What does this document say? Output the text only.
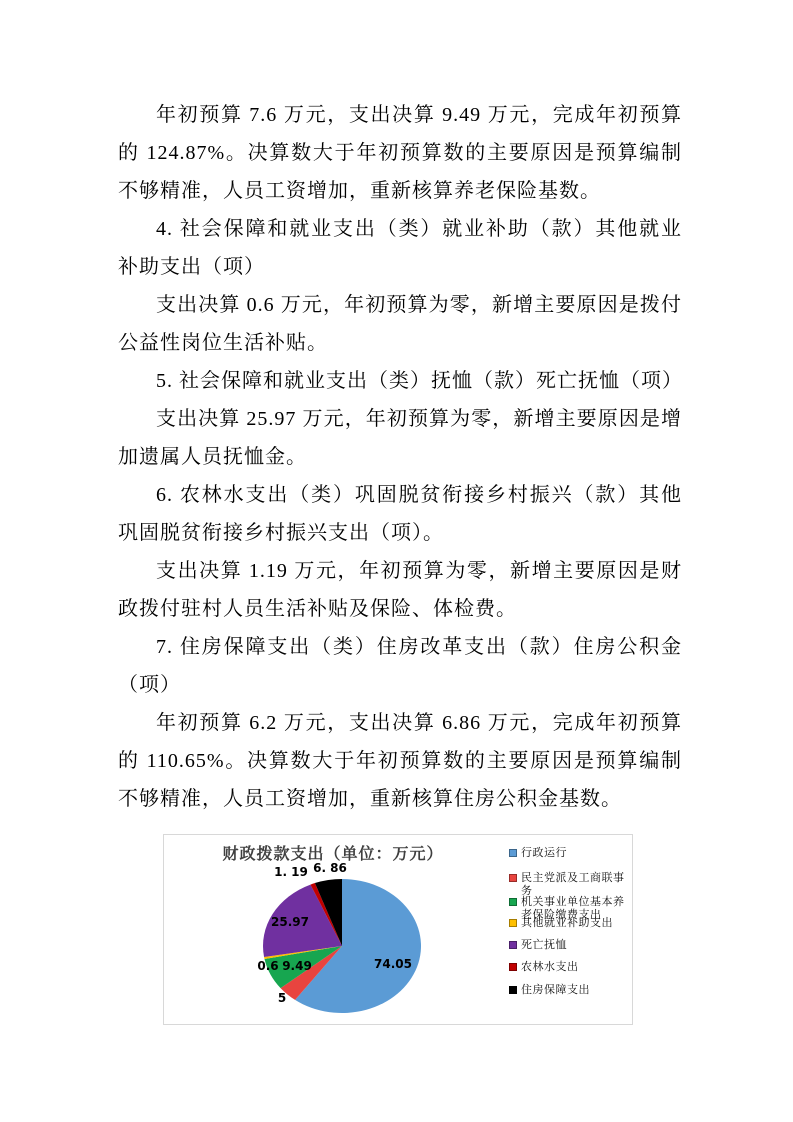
年初预算 7.6 万元，支出决算 9.49 万元，完成年初预算的 124.87%。决算数大于年初预算数的主要原因是预算编制不够精准，人员工资增加，重新核算养老保险基数。

4. 社会保障和就业支出（类）就业补助（款）其他就业补助支出（项）

支出决算 0.6 万元，年初预算为零，新增主要原因是拨付公益性岗位生活补贴。

5. 社会保障和就业支出（类）抚恤（款）死亡抚恤（项）

支出决算 25.97 万元，年初预算为零，新增主要原因是增加遗属人员抚恤金。

6. 农林水支出（类）巩固脱贫衔接乡村振兴（款）其他巩固脱贫衔接乡村振兴支出（项）。

支出决算 1.19 万元，年初预算为零，新增主要原因是财政拨付驻村人员生活补贴及保险、体检费。

7. 住房保障支出（类）住房改革支出（款）住房公积金（项）

年初预算 6.2 万元，支出决算 6.86 万元，完成年初预算的 110.65%。决算数大于年初预算数的主要原因是预算编制不够精准，人员工资增加，重新核算住房公积金基数。

财政拨款支出（单位：万元）
74.05
5
9.49
0.6
25.97
1. 19 6. 86
行政运行
民主党派及工商联事务
机关事业单位基本养老保险缴费支出
其他就业补助支出
死亡抚恤
农林水支出
住房保障支出
